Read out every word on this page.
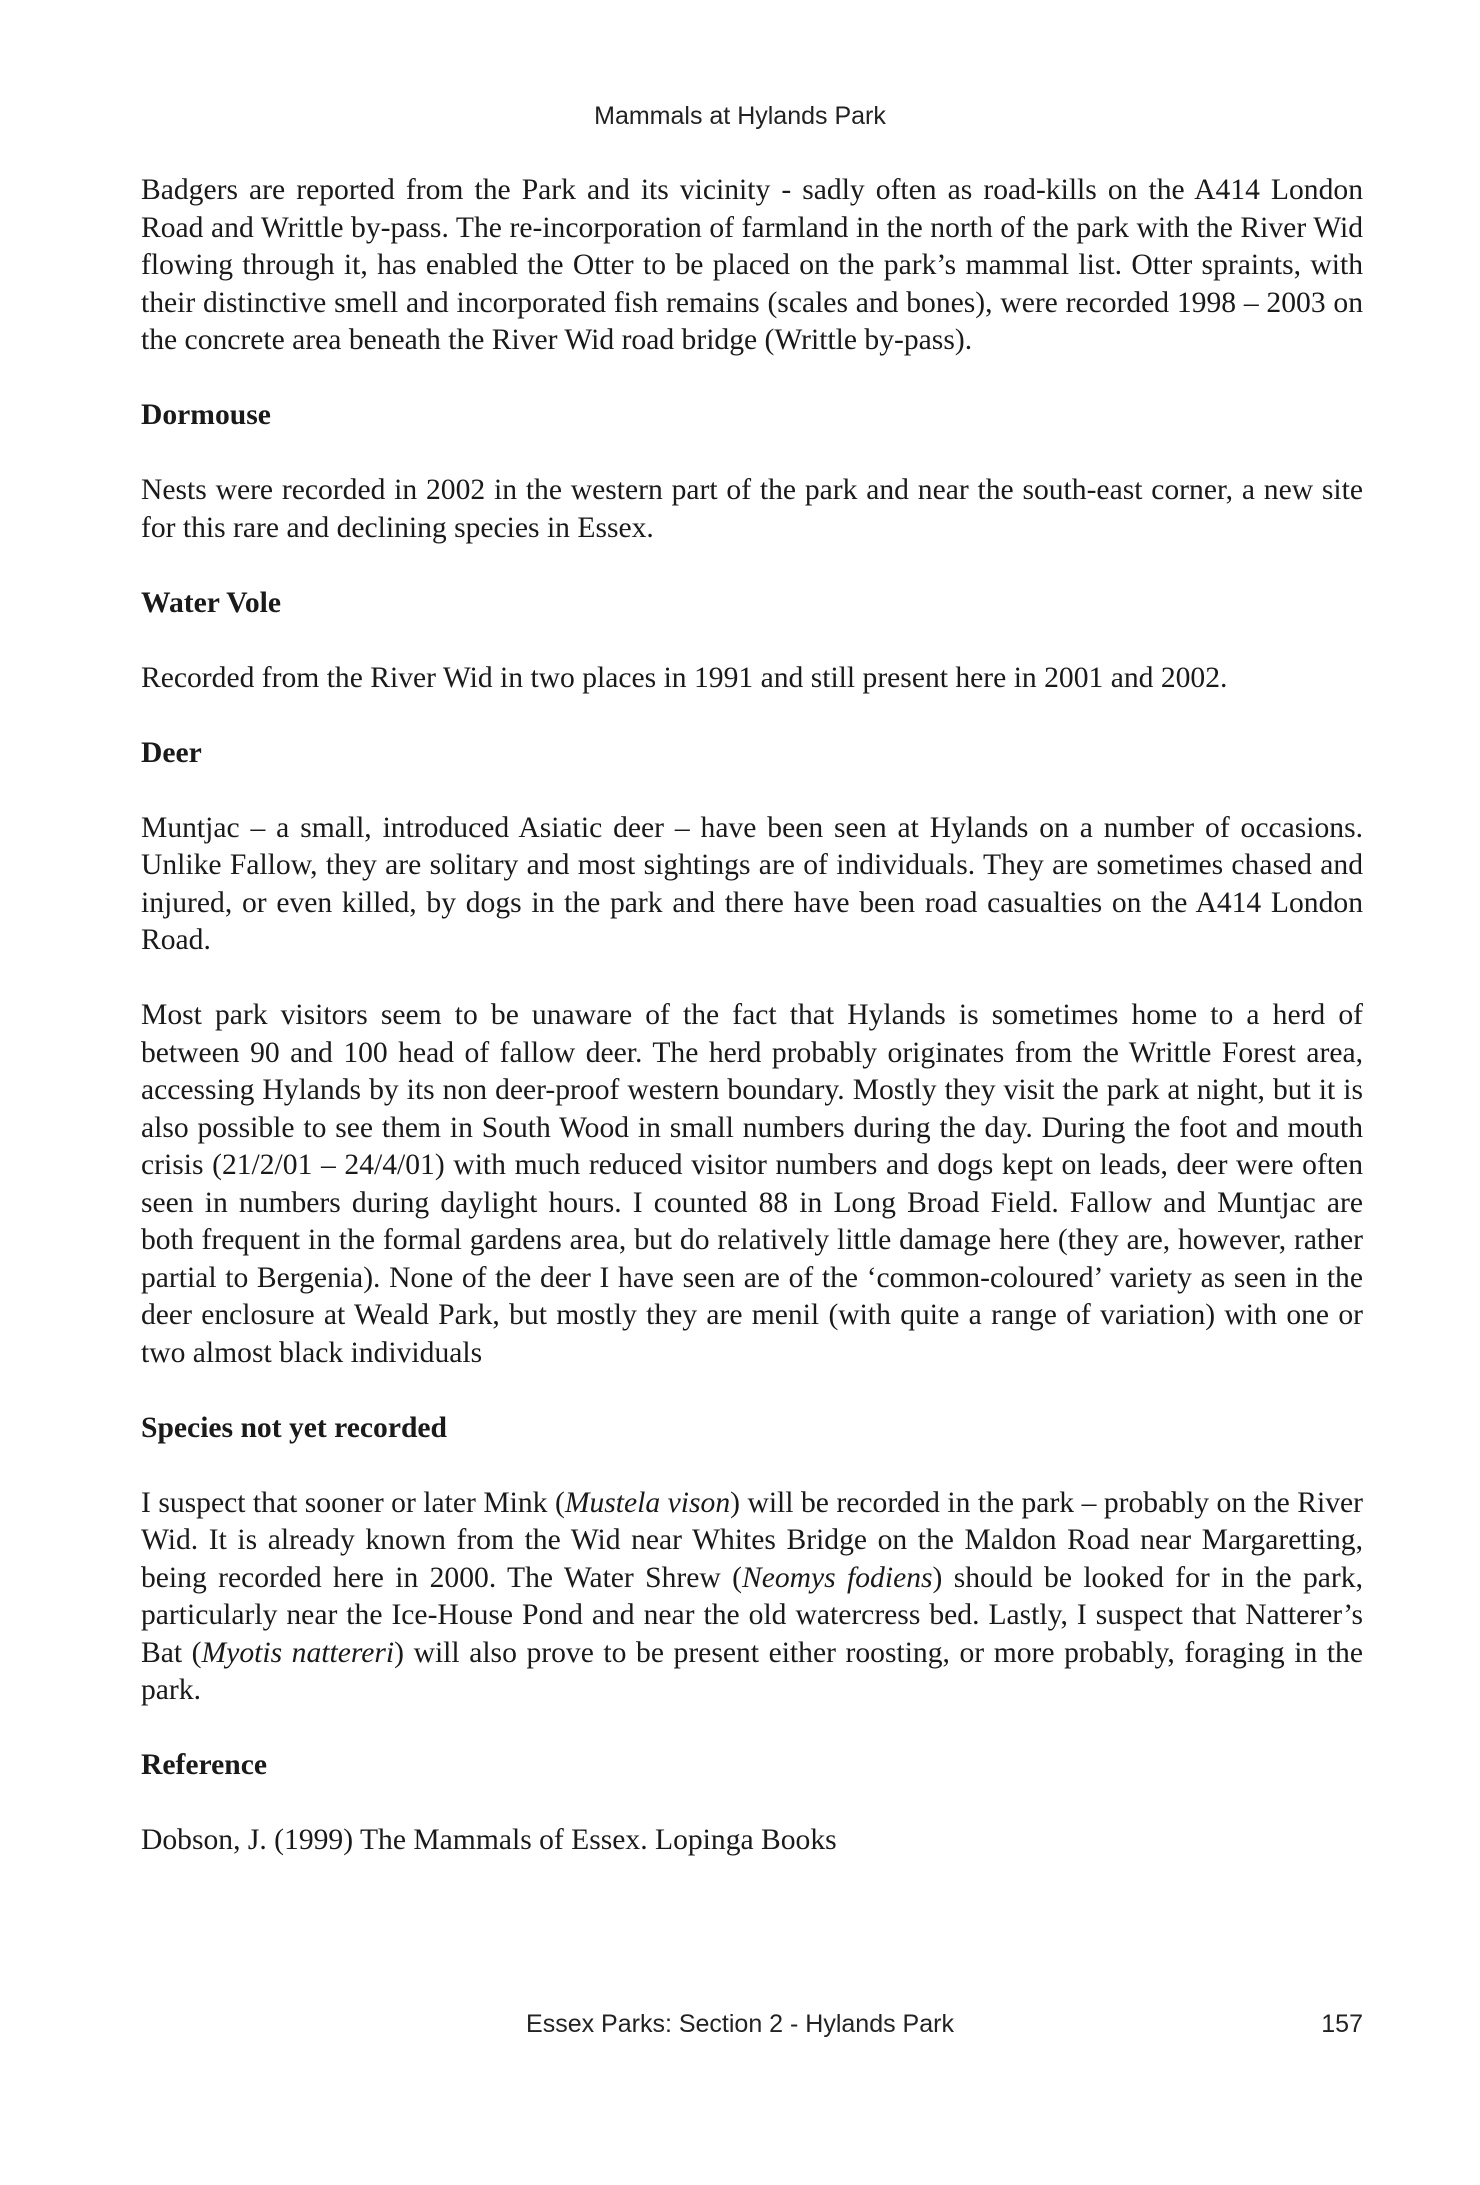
Mammals at Hylands Park

Badgers are reported from the Park and its vicinity - sadly often as road-kills on the A414 London Road and Writtle by-pass. The re-incorporation of farmland in the north of the park with the River Wid flowing through it, has enabled the Otter to be placed on the park’s mammal list. Otter spraints, with their distinctive smell and incorporated fish remains (scales and bones), were recorded 1998 – 2003 on the concrete area beneath the River Wid road bridge (Writtle by-pass).

Dormouse

Nests were recorded in 2002 in the western part of the park and near the south-east corner, a new site for this rare and declining species in Essex.

Water Vole

Recorded from the River Wid in two places in 1991 and still present here in 2001 and 2002.

Deer

Muntjac – a small, introduced Asiatic deer – have been seen at Hylands on a number of occasions. Unlike Fallow, they are solitary and most sightings are of individuals. They are sometimes chased and injured, or even killed, by dogs in the park and there have been road casualties on the A414 London Road.

Most park visitors seem to be unaware of the fact that Hylands is sometimes home to a herd of between 90 and 100 head of fallow deer. The herd probably originates from the Writtle Forest area, accessing Hylands by its non deer-proof western boundary. Mostly they visit the park at night, but it is also possible to see them in South Wood in small numbers during the day. During the foot and mouth crisis (21/2/01 – 24/4/01) with much reduced visitor numbers and dogs kept on leads, deer were often seen in numbers during daylight hours. I counted 88 in Long Broad Field. Fallow and Muntjac are both frequent in the formal gardens area, but do relatively little damage here (they are, however, rather partial to Bergenia). None of the deer I have seen are of the ‘common-coloured’ variety as seen in the deer enclosure at Weald Park, but mostly they are menil (with quite a range of variation) with one or two almost black individuals

Species not yet recorded

I suspect that sooner or later Mink (Mustela vison) will be recorded in the park – probably on the River Wid. It is already known from the Wid near Whites Bridge on the Maldon Road near Margaretting, being recorded here in 2000. The Water Shrew (Neomys fodiens) should be looked for in the park, particularly near the Ice-House Pond and near the old watercress bed. Lastly, I suspect that Natterer’s Bat (Myotis nattereri) will also prove to be present either roosting, or more probably, foraging in the park.

Reference

Dobson, J. (1999) The Mammals of Essex. Lopinga Books

Essex Parks: Section 2 - Hylands Park	157
